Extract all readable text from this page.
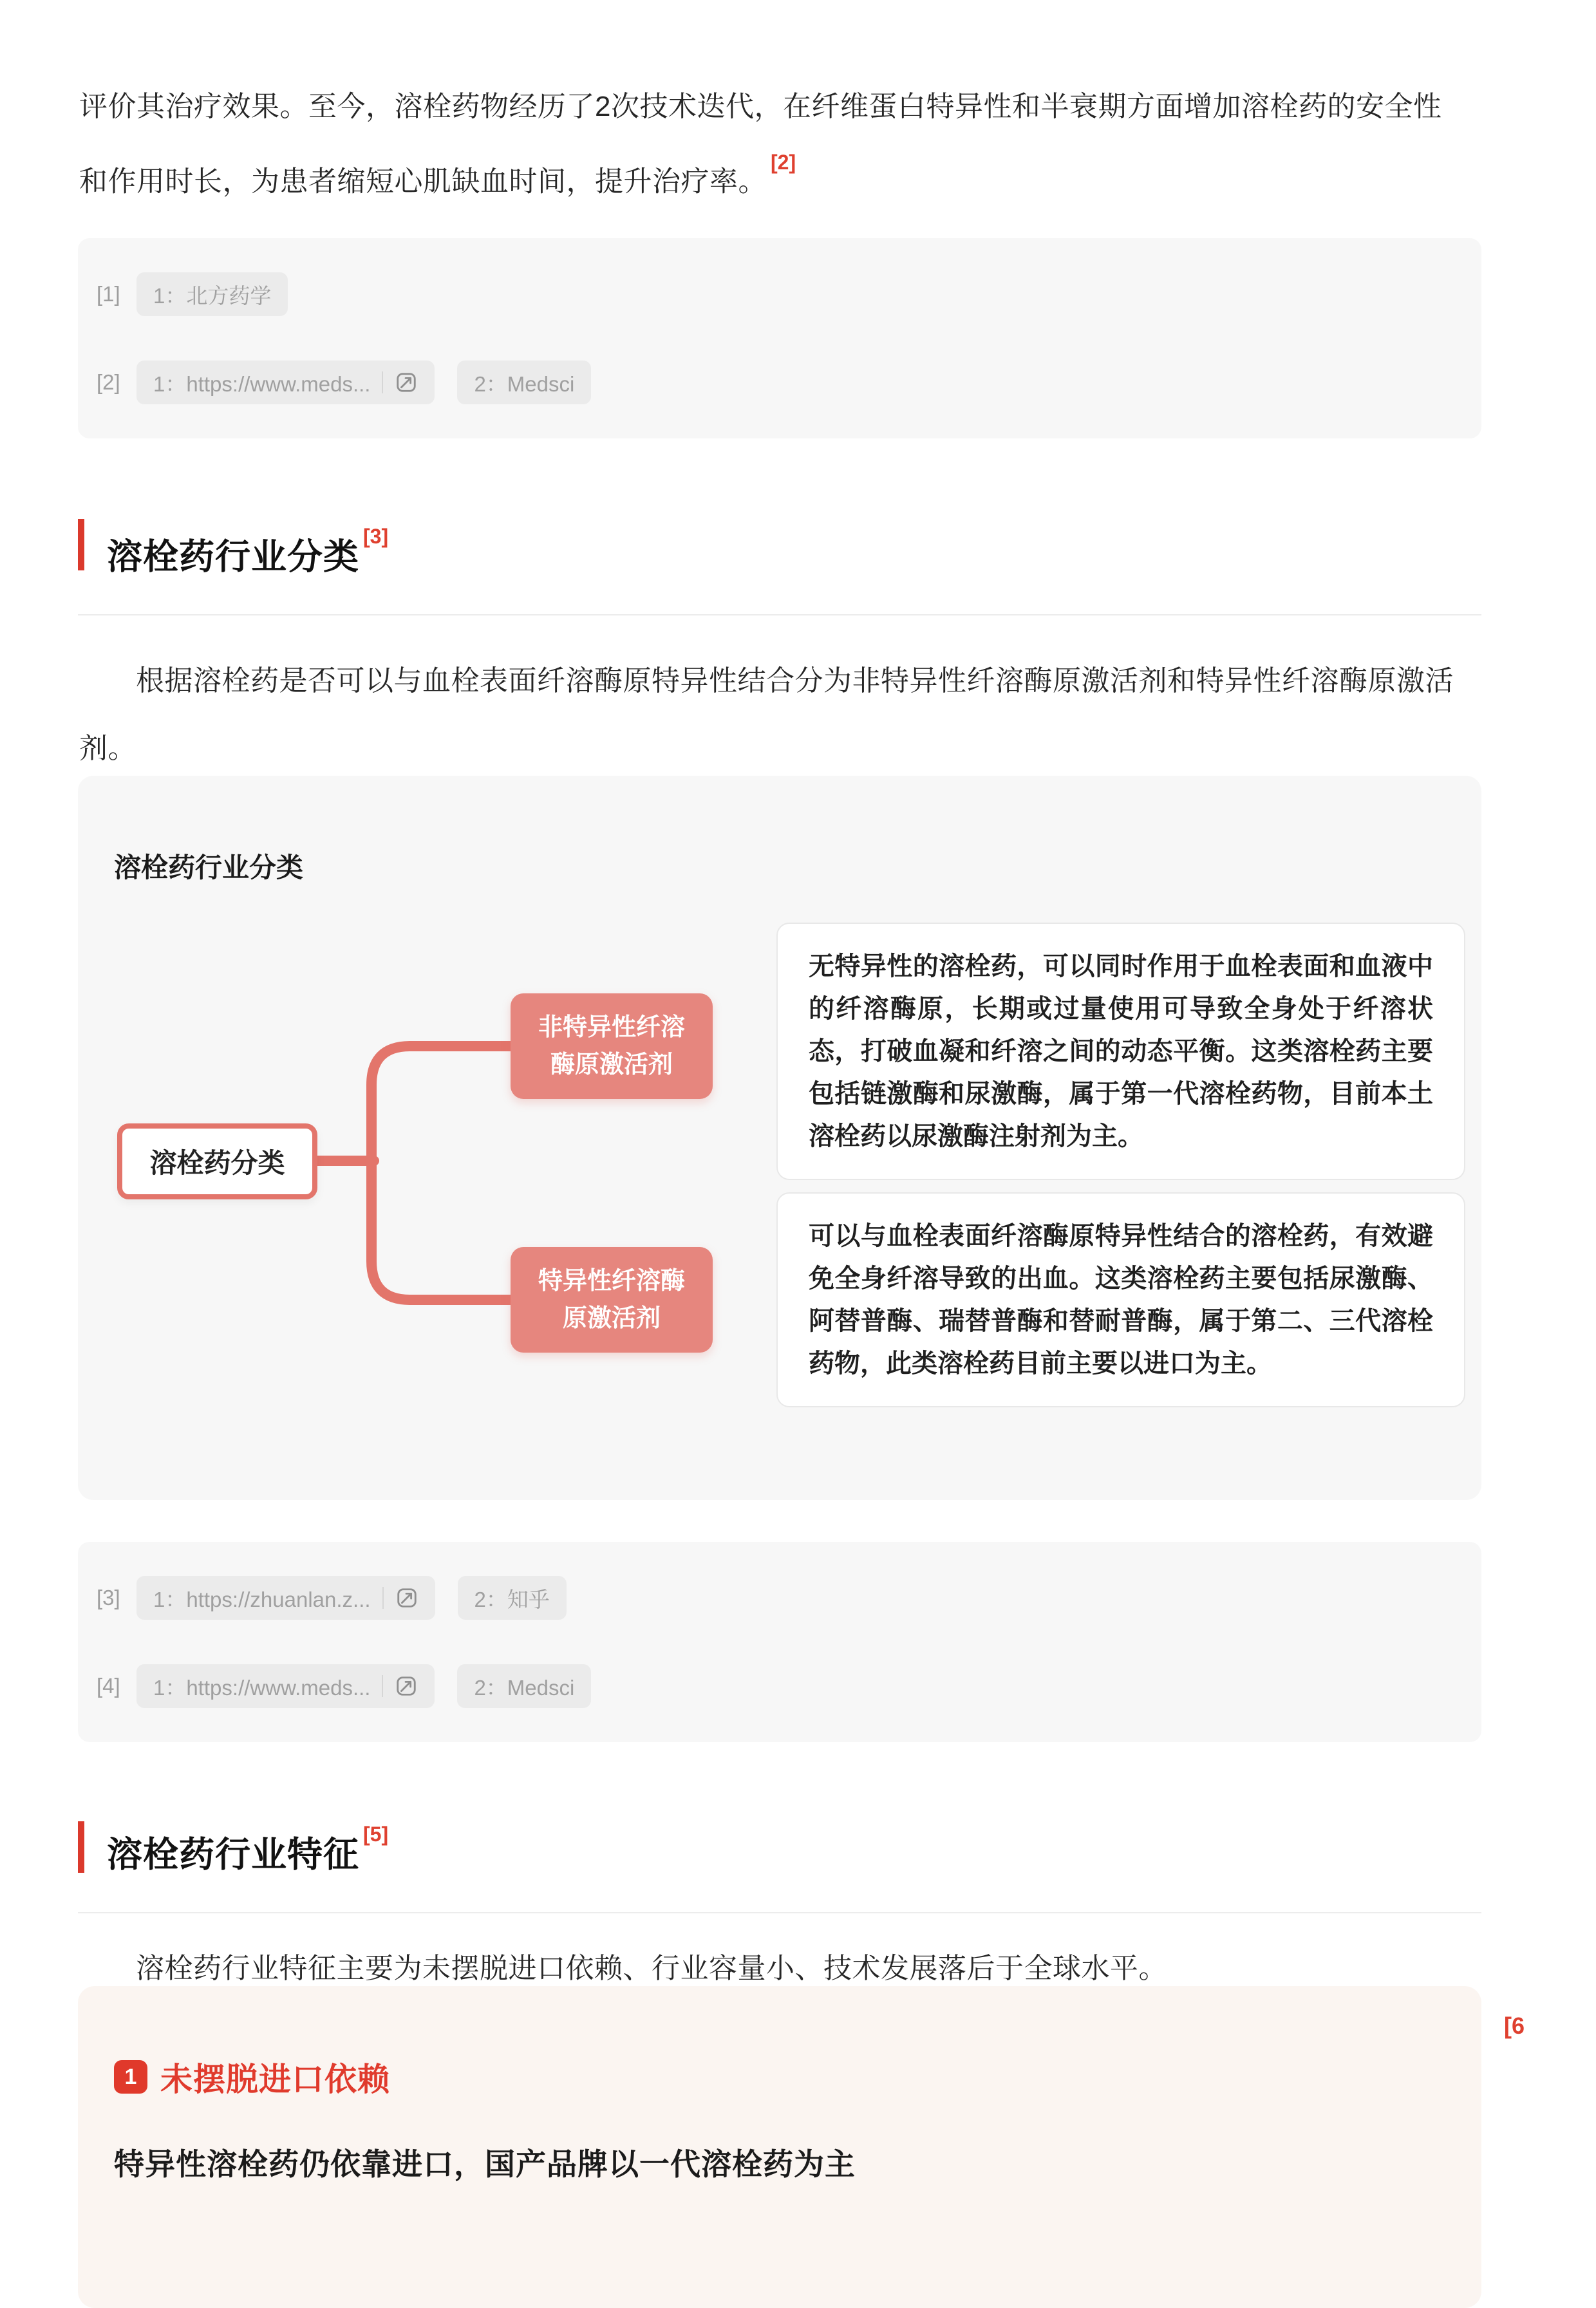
评价其治疗效果。至今，溶栓药物经历了2次技术迭代，在纤维蛋白特异性和半衰期方面增加溶栓药的安全性和作用时长，为患者缩短心肌缺血时间，提升治疗率。[2]
[1]	1：北方药学
[2]	1：https://www.meds...	2：Medsci
溶栓药行业分类[3]
根据溶栓药是否可以与血栓表面纤溶酶原特异性结合分为非特异性纤溶酶原激活剂和特异性纤溶酶原激活剂。
溶栓药行业分类
溶栓药分类
非特异性纤溶酶原激活剂
特异性纤溶酶原激活剂
无特异性的溶栓药，可以同时作用于血栓表面和血液中的纤溶酶原，长期或过量使用可导致全身处于纤溶状态，打破血凝和纤溶之间的动态平衡。这类溶栓药主要包括链激酶和尿激酶，属于第一代溶栓药物，目前本土溶栓药以尿激酶注射剂为主。
可以与血栓表面纤溶酶原特异性结合的溶栓药，有效避免全身纤溶导致的出血。这类溶栓药主要包括尿激酶、阿替普酶、瑞替普酶和替耐普酶，属于第二、三代溶栓药物，此类溶栓药目前主要以进口为主。
[3]	1：https://zhuanlan.z...	2：知乎
[4]	1：https://www.meds...	2：Medsci
溶栓药行业特征[5]
溶栓药行业特征主要为未摆脱进口依赖、行业容量小、技术发展落后于全球水平。
1 未摆脱进口依赖
特异性溶栓药仍依靠进口，国产品牌以一代溶栓药为主
[6
